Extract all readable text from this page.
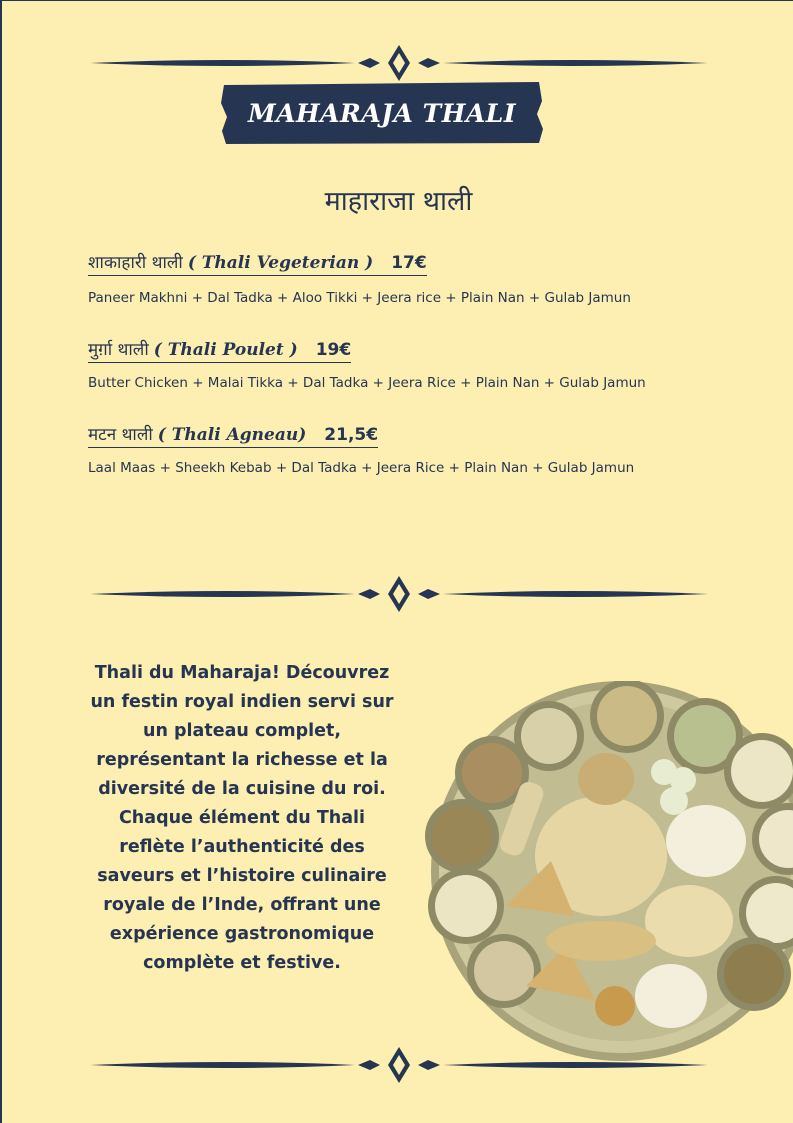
MAHARAJA THALI
माहाराजा थाली
शाकाहारी थाली ( Thali Vegeterian ) 17€
Paneer Makhni + Dal Tadka + Aloo Tikki + Jeera rice + Plain Nan + Gulab Jamun
मुर्ग़ा थाली ( Thali Poulet ) 19€
Butter Chicken + Malai Tikka + Dal Tadka + Jeera Rice + Plain Nan + Gulab Jamun
मटन थाली ( Thali Agneau) 21,5€
Laal Maas + Sheekh Kebab + Dal Tadka + Jeera Rice + Plain Nan + Gulab Jamun

Thali du Maharaja! Découvrez un festin royal indien servi sur un plateau complet, représentant la richesse et la diversité de la cuisine du roi.

Chaque élément du Thali reflète l’authenticité des saveurs et l’histoire culinaire royale de l’Inde, offrant une expérience gastronomique complète et festive.
